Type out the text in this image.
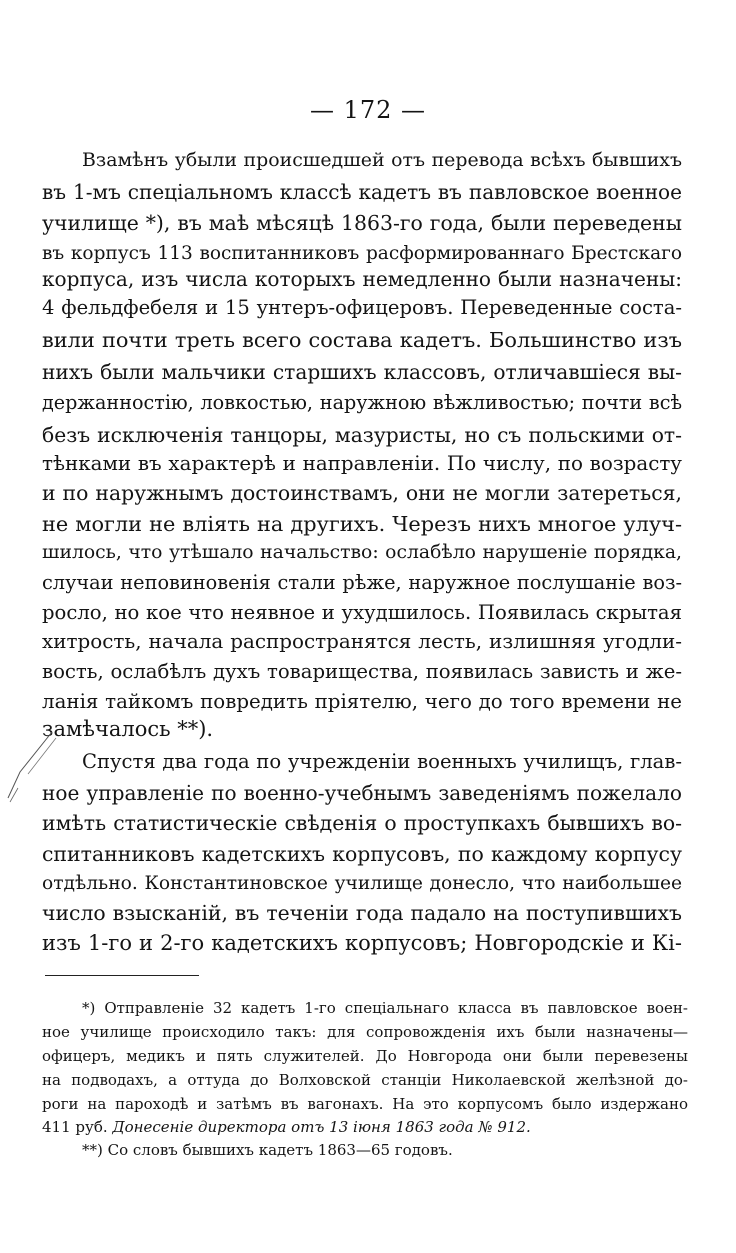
— 172 —
Взамѣнъ убыли происшедшей отъ перевода всѣхъ бывшихъ
въ 1-мъ спеціальномъ классѣ кадетъ въ павловское военное
училище *), въ маѣ мѣсяцѣ 1863-го года, были переведены
въ корпусъ 113 воспитанниковъ расформированнаго Брестскаго
корпуса, изъ числа которыхъ немедленно были назначены:
4 фельдфебеля и 15 унтеръ-офицеровъ. Переведенные соста-
вили почти треть всего состава кадетъ. Большинство изъ
нихъ были мальчики старшихъ классовъ, отличавшіеся вы-
держанностію, ловкостью, наружною вѣжливостью; почти всѣ
безъ исключенія танцоры, мазуристы, но съ польскими от-
тѣнками въ характерѣ и направленіи. По числу, по возрасту
и по наружнымъ достоинствамъ, они не могли затереться,
не могли не вліять на другихъ. Черезъ нихъ многое улуч-
шилось, что утѣшало начальство: ослабѣло нарушеніе порядка,
случаи неповиновенія стали рѣже, наружное послушаніе воз-
росло, но кое что неявное и ухудшилось. Появилась скрытая
хитрость, начала распространятся лесть, излишняя угодли-
вость, ослабѣлъ духъ товарищества, появилась зависть и же-
ланія тайкомъ повредить пріятелю, чего до того времени не
замѣчалось **).
Спустя два года по учрежденіи военныхъ училищъ, глав-
ное управленіе по военно-учебнымъ заведеніямъ пожелало
имѣть статистическіе свѣденія о проступкахъ бывшихъ во-
спитанниковъ кадетскихъ корпусовъ, по каждому корпусу
отдѣльно. Константиновское училище донесло, что наибольшее
число взысканій, въ теченіи года падало на поступившихъ
изъ 1-го и 2-го кадетскихъ корпусовъ; Новгородскіе и Кі-
*) Отправленіе 32 кадетъ 1-го спеціальнаго класса въ павловское воен-
ное училище происходило такъ: для сопровожденія ихъ были назначены—
офицеръ, медикъ и пять служителей. До Новгорода они были перевезены
на подводахъ, а оттуда до Волховской станціи Николаевской желѣзной до-
роги на пароходѣ и затѣмъ въ вагонахъ. На это корпусомъ было издержано
411 руб. Донесеніе директора отъ 13 іюня 1863 года № 912.
**) Со словъ бывшихъ кадетъ 1863—65 годовъ.
